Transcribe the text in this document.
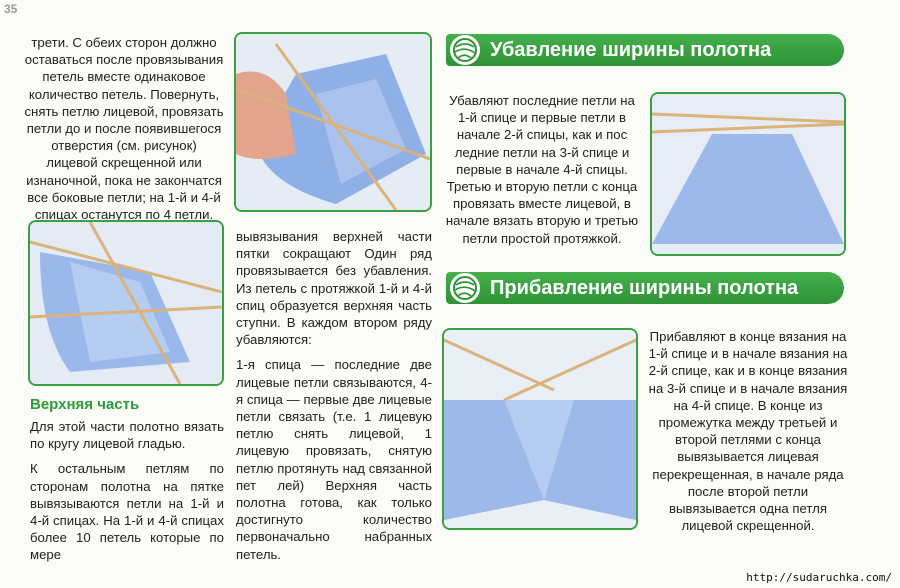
35

трети. С обеих сторон должно оставаться после провязывания петель вместе одинаковое количество петель. Повернуть, снять петлю лицевой, провязать петли до и после появившегося отверстия (см. рисунок) лицевой скрещенной или изнаночной, пока не закончатся все боковые петли; на 1-й и 4-й спицах останутся по 4 петли.

Верхняя часть

Для этой части полотно вязать по кругу лицевой гладью.

К остальным петлям по сторонам полотна на пятке вывязываются петли на 1-й и 4-й спицах. На 1-й и 4-й спицах более 10 петель которые по мере

вывязывания верхней части пятки сокращают Один ряд провязывается без убавления. Из петель с протяжкой 1-й и 4-й спиц образуется верхняя часть ступни. В каждом втором ряду убавляются:

1-я спица — последние две лицевые петли связываются, 4-я спица — первые две лицевые петли связать (т.е. 1 лицевую петлю снять лицевой, 1 лицевую провязать, снятую петлю протянуть над связанной пет лей) Верхняя часть полотна готова, как только достигнуто количество первоначально набранных петель.

Убавление ширины полотна

Убавляют последние петли на 1-й спице и первые петли в начале 2-й спицы, как и пос ледние петли на 3-й спице и первые в начале 4-й спицы. Третью и вторую петли с конца провязать вместе лицевой, в начале вязать вторую и третью петли простой протяжкой.

Прибавление ширины полотна

Прибавляют в конце вязания на 1-й спице и в начале вязания на 2-й спице, как и в конце вязания на 3-й спице и в начале вязания на 4-й спице. В конце из промежутка между третьей и второй петлями с конца вывязывается лицевая перекрещенная, в начале ряда после второй петли вывязывается одна петля лицевой скрещенной.

http://sudaruchka.com/
